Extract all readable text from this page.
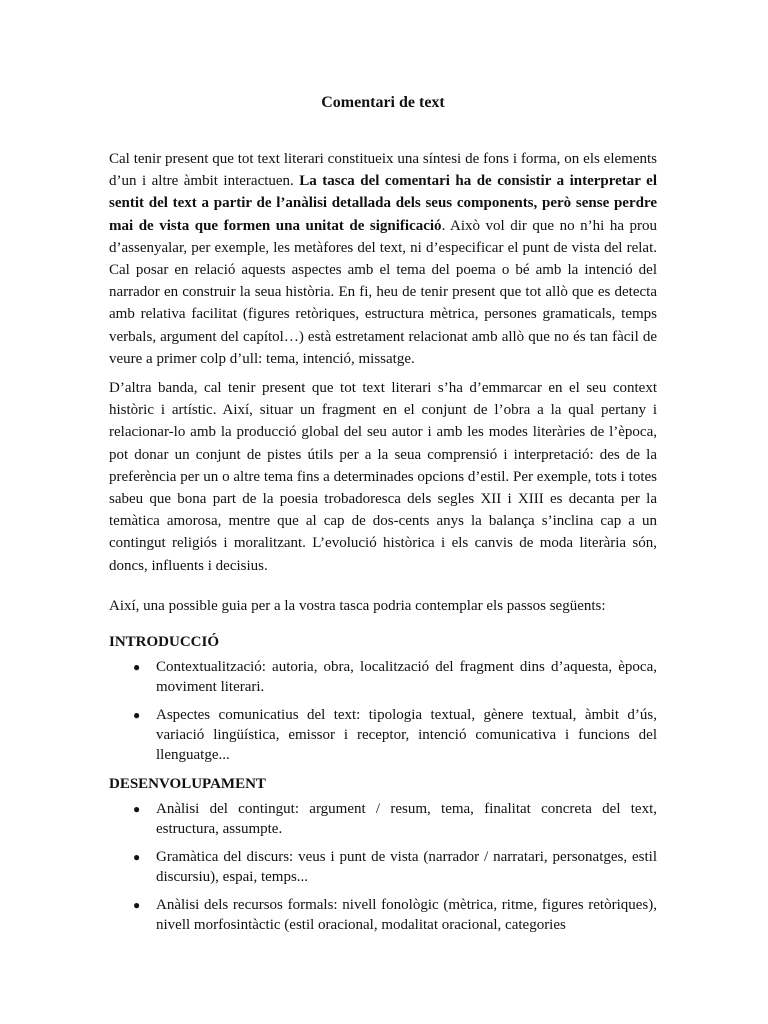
Comentari de text

Cal tenir present que tot text literari constitueix una síntesi de fons i forma, on els elements d’un i altre àmbit interactuen. La tasca del comentari ha de consistir a interpretar el sentit del text a partir de l’anàlisi detallada dels seus components, però sense perdre mai de vista que formen una unitat de significació. Això vol dir que no n’hi ha prou d’assenyalar, per exemple, les metàfores del text, ni d’especificar el punt de vista del relat. Cal posar en relació aquests aspectes amb el tema del poema o bé amb la intenció del narrador en construir la seua història. En fi, heu de tenir present que tot allò que es detecta amb relativa facilitat (figures retòriques, estructura mètrica, persones gramaticals, temps verbals, argument del capítol…) està estretament relacionat amb allò que no és tan fàcil de veure a primer colp d’ull: tema, intenció, missatge.

D’altra banda, cal tenir present que tot text literari s’ha d’emmarcar en el seu context històric i artístic. Així, situar un fragment en el conjunt de l’obra a la qual pertany i relacionar-lo amb la producció global del seu autor i amb les modes literàries de l’època, pot donar un conjunt de pistes útils per a la seua comprensió i interpretació: des de la preferència per un o altre tema fins a determinades opcions d’estil. Per exemple, tots i totes sabeu que bona part de la poesia trobadoresca dels segles XII i XIII es decanta per la temàtica amorosa, mentre que al cap de dos-cents anys la balança s’inclina cap a un contingut religiós i moralitzant. L’evolució històrica i els canvis de moda literària són, doncs, influents i decisius.

Així, una possible guia per a la vostra tasca podria contemplar els passos següents:

INTRODUCCIÓ
● Contextualització: autoria, obra, localització del fragment dins d’aquesta, època, moviment literari.
● Aspectes comunicatius del text: tipologia textual, gènere textual, àmbit d’ús, variació lingüística, emissor i receptor, intenció comunicativa i funcions del llenguatge...
DESENVOLUPAMENT
● Anàlisi del contingut: argument / resum, tema, finalitat concreta del text, estructura, assumpte.
● Gramàtica del discurs: veus i punt de vista (narrador / narratari, personatges, estil discursiu), espai, temps...
● Anàlisi dels recursos formals: nivell fonològic (mètrica, ritme, figures retòriques), nivell morfosintàctic (estil oracional, modalitat oracional, categories
